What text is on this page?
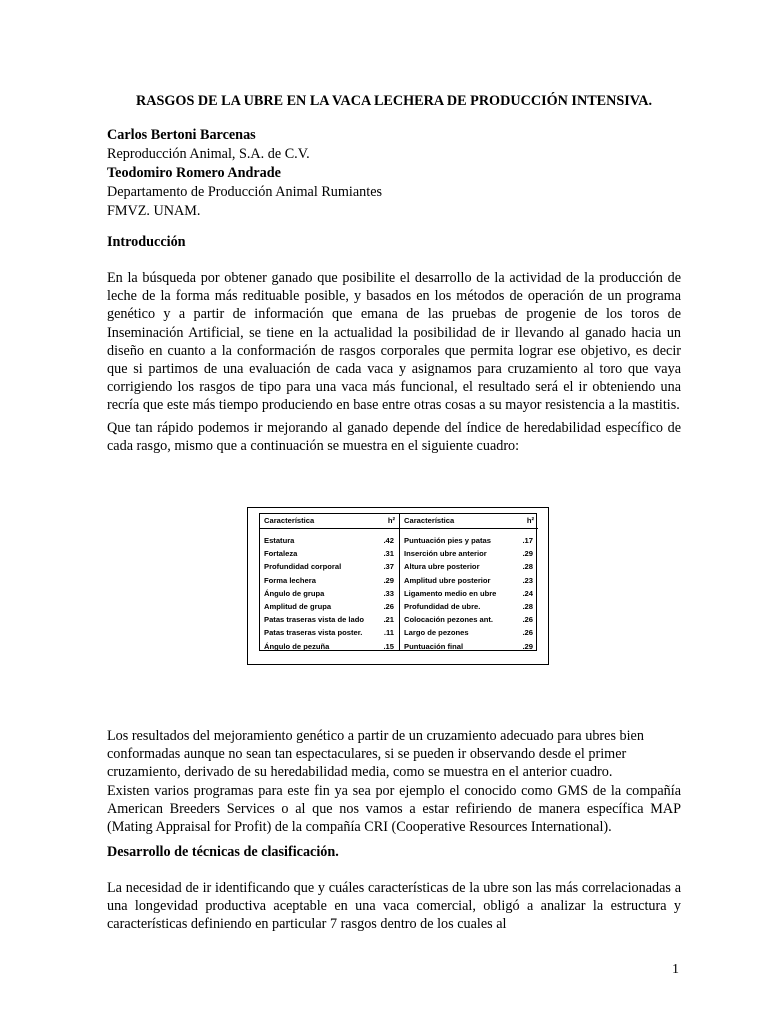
RASGOS DE LA UBRE EN LA VACA LECHERA DE PRODUCCIÓN INTENSIVA.
Carlos Bertoni Barcenas
Reproducción Animal, S.A. de C.V.
Teodomiro Romero Andrade
Departamento de Producción Animal Rumiantes
FMVZ. UNAM.
Introducción

En la búsqueda por obtener ganado que posibilite el desarrollo de la actividad de la producción de leche de la forma más redituable posible, y basados en los métodos de operación de un programa genético y a partir de información que emana de las pruebas de progenie de los toros de Inseminación Artificial, se tiene en la actualidad la posibilidad de ir llevando al ganado hacia un diseño en cuanto a la conformación de rasgos corporales que permita lograr ese objetivo, es decir que si partimos de una evaluación de cada vaca y asignamos para cruzamiento al toro que vaya corrigiendo los rasgos de tipo para una vaca más funcional, el resultado será el ir obteniendo una recría que este más tiempo produciendo en base entre otras cosas a su mayor resistencia a la mastitis.

Que tan rápido podemos ir mejorando al ganado depende del índice de heredabilidad específico de cada rasgo, mismo que a continuación se muestra en el siguiente cuadro:

Característica	h²
Estatura	.42
Fortaleza	.31
Profundidad corporal	.37
Forma lechera	.29
Ángulo de grupa	.33
Amplitud de grupa	.26
Patas traseras vista de lado	.21
Patas traseras vista poster.	.11
Ángulo de pezuña	.15
Característica	h²
Puntuación pies y patas	.17
Inserción ubre anterior	.29
Altura ubre posterior	.28
Amplitud ubre posterior	.23
Ligamento medio en ubre	.24
Profundidad de ubre.	.28
Colocación pezones ant.	.26
Largo de pezones	.26
Puntuación final	.29

Los resultados del mejoramiento genético a partir de un cruzamiento adecuado para ubres bien conformadas aunque no sean tan espectaculares, si se pueden ir observando desde el primer cruzamiento, derivado de su heredabilidad media, como se muestra en el anterior cuadro.

Existen varios programas para este fin ya sea por ejemplo el conocido como GMS de la compañía American Breeders Services o al que nos vamos a estar refiriendo de manera específica MAP (Mating Appraisal for Profit) de la compañía CRI (Cooperative Resources International).

Desarrollo de técnicas de clasificación.

La necesidad de ir identificando que y cuáles características de la ubre son las más correlacionadas a una longevidad productiva aceptable en una vaca comercial, obligó a analizar la estructura y características definiendo en particular 7 rasgos dentro de los cuales al

1
